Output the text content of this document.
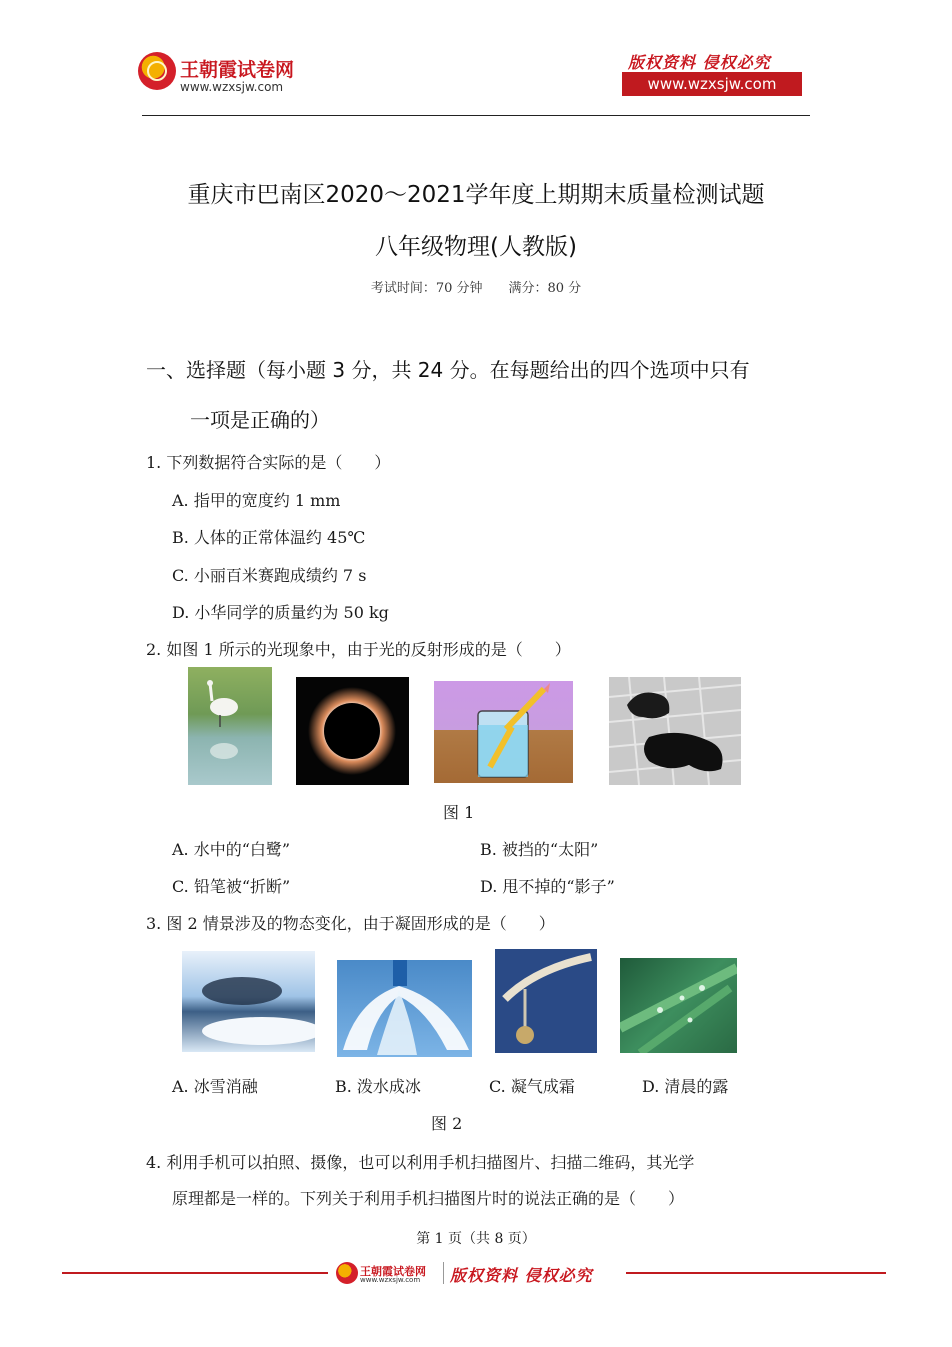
王朝霞试卷网
www.wzxsjw.com
版权资料 侵权必究
www.wzxsjw.com
重庆市巴南区2020～2021学年度上期期末质量检测试题
八年级物理(人教版)
考试时间：70 分钟　　满分：80 分
一、选择题（每小题 3 分，共 24 分。在每题给出的四个选项中只有
一项是正确的）
1. 下列数据符合实际的是（　　）
A. 指甲的宽度约 1 mm
B. 人体的正常体温约 45℃
C. 小丽百米赛跑成绩约 7 s
D. 小华同学的质量约为 50 kg
2. 如图 1 所示的光现象中，由于光的反射形成的是（　　）
图 1
A. 水中的“白鹭”	B. 被挡的“太阳”
C. 铅笔被“折断”	D. 甩不掉的“影子”
3. 图 2 情景涉及的物态变化，由于凝固形成的是（　　）
A. 冰雪消融	B. 泼水成冰	C. 凝气成霜	D. 清晨的露
图 2
4. 利用手机可以拍照、摄像，也可以利用手机扫描图片、扫描二维码，其光学
原理都是一样的。下列关于利用手机扫描图片时的说法正确的是（　　）
第 1 页（共 8 页）
王朝霞试卷网
www.wzxsjw.com 版权资料 侵权必究
